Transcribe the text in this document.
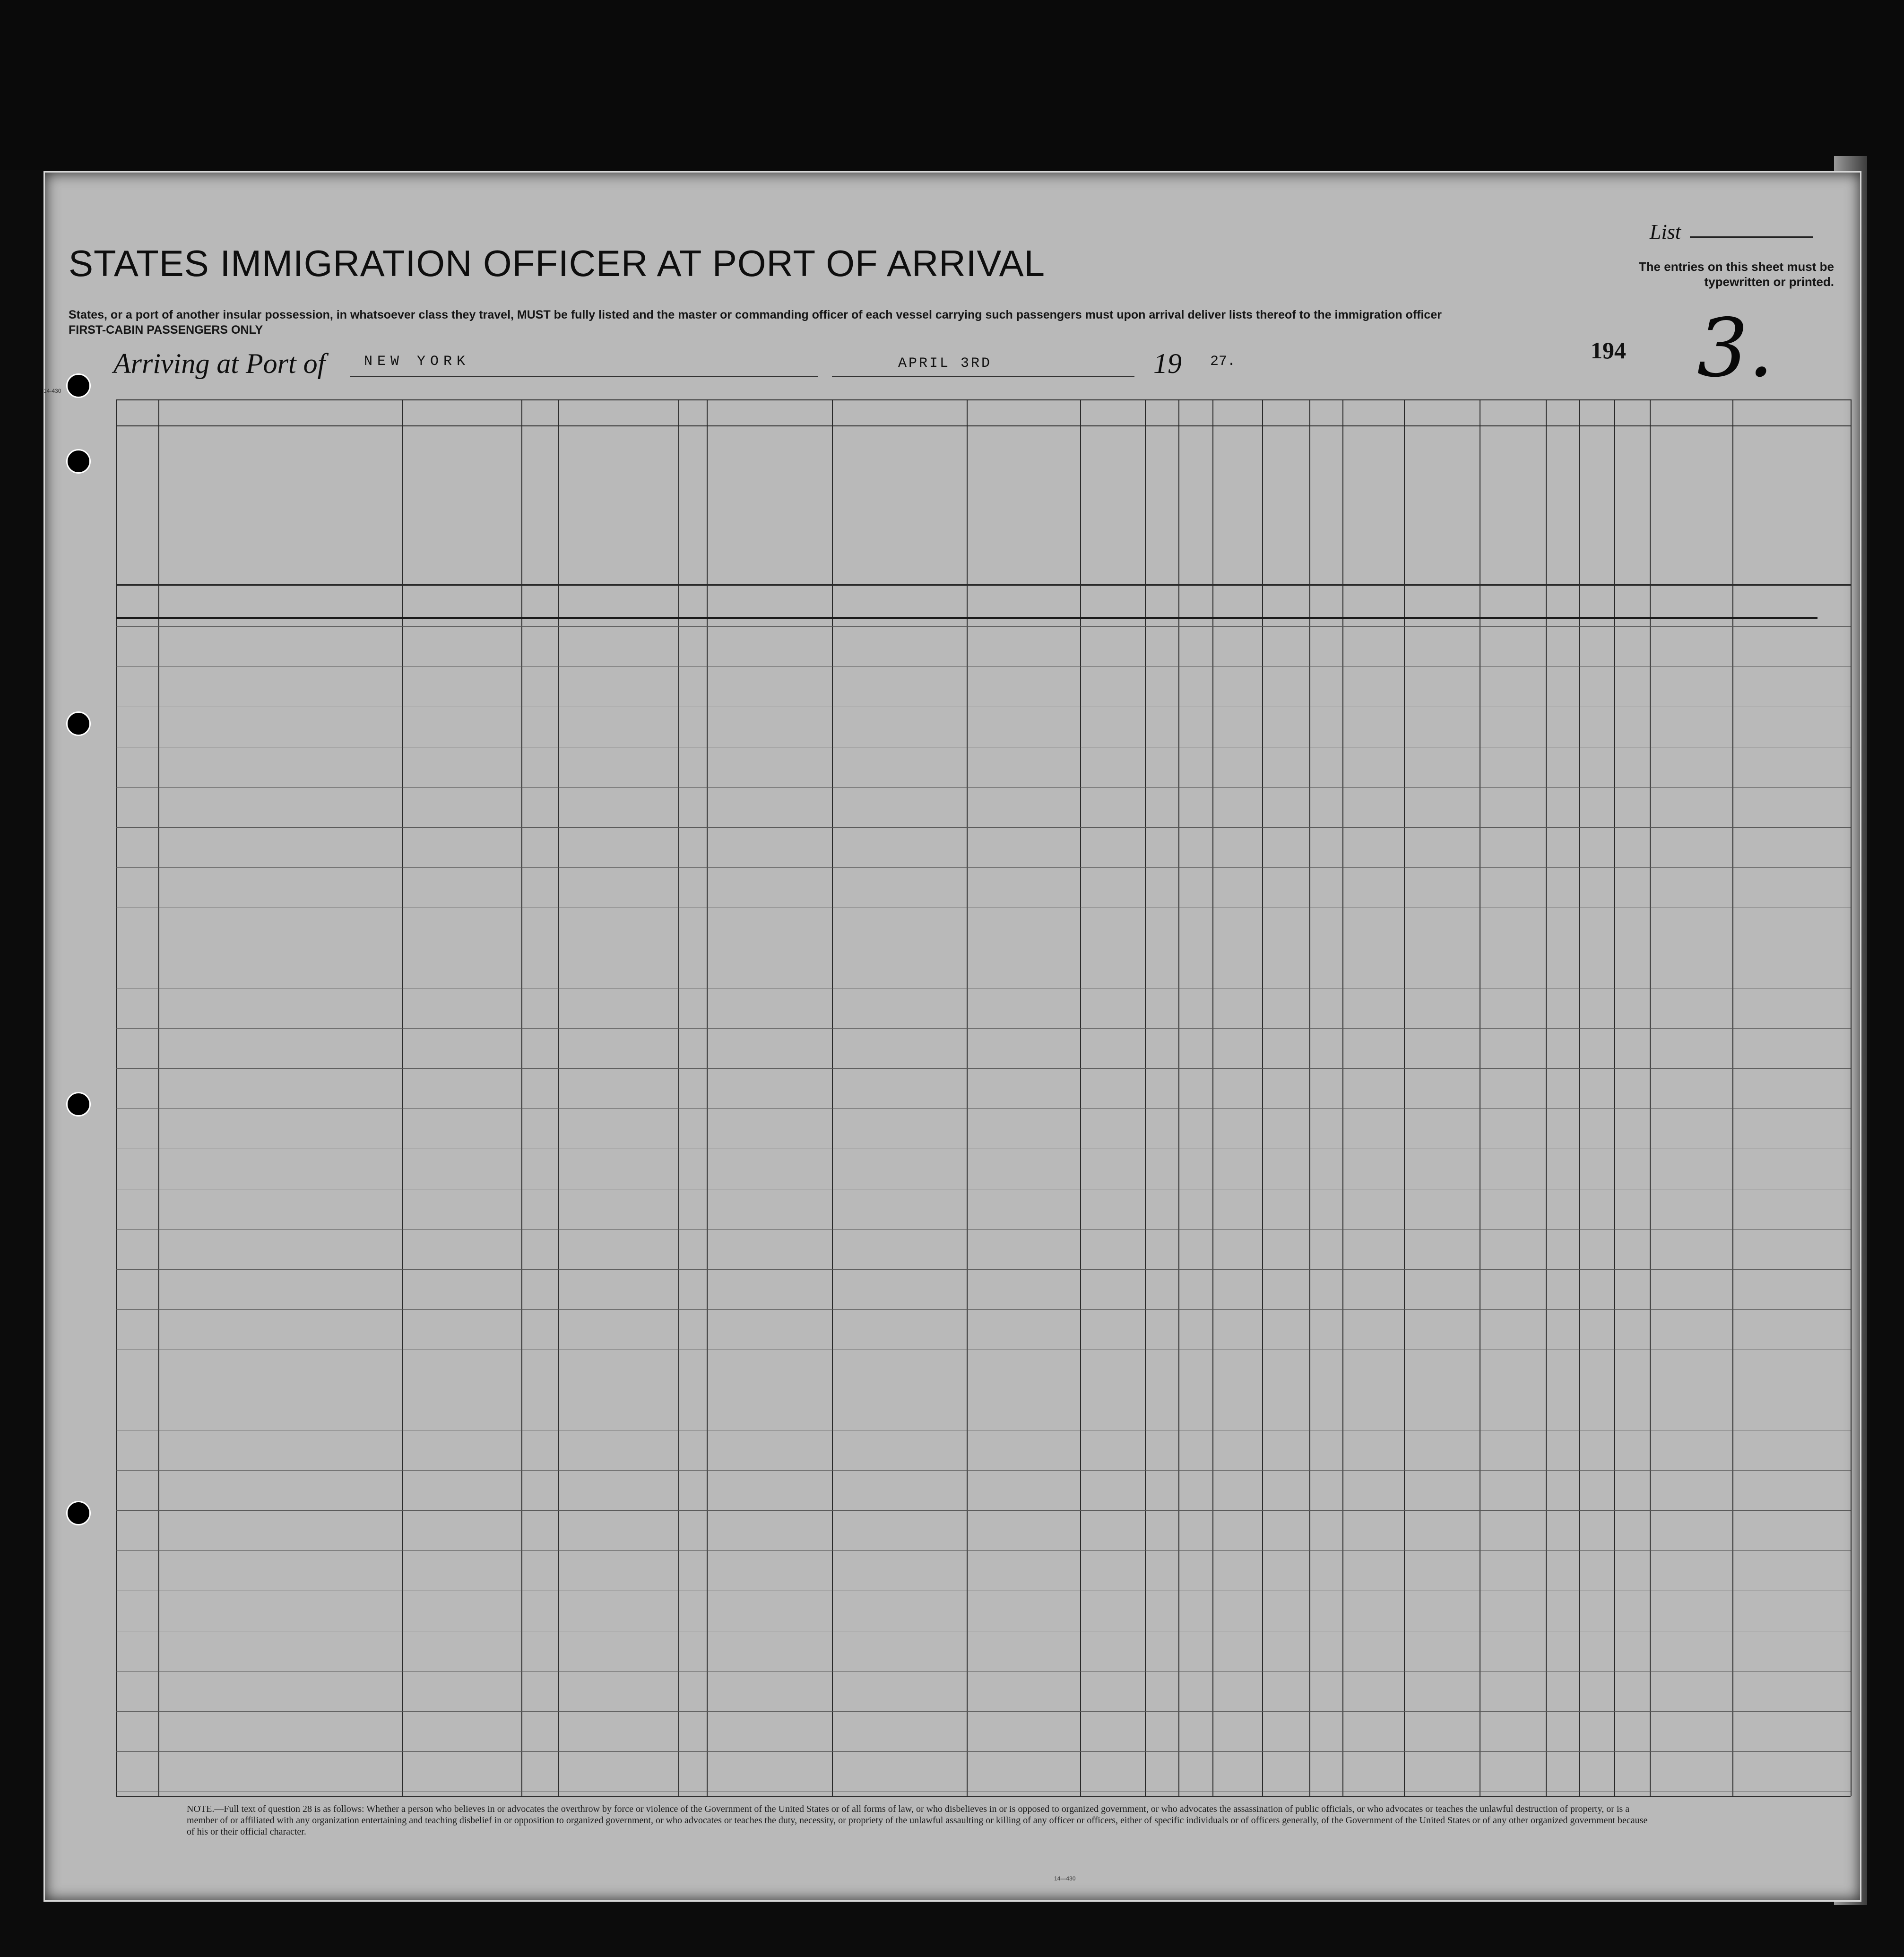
STATES IMMIGRATION OFFICER AT PORT OF ARRIVAL
States, or a port of another insular possession, in whatsoever class they travel, MUST be fully listed and the master or commanding officer of each vessel carrying such passengers must upon arrival deliver lists thereof to the immigration officer
FIRST-CABIN PASSENGERS ONLY
List
The entries on this sheet must be typewritten or printed.
Arriving at Port of	NEW YORK	APRIL 3RD	19 27.	194 3.
14-430
NOTE.—Full text of question 28 is as follows: Whether a person who believes in or advocates the overthrow by force or violence of the Government of the United States or of all forms of law, or who disbelieves in or is opposed to organized government, or who advocates the assassination of public officials, or who advocates or teaches the unlawful destruction of property, or is a member of or affiliated with any organization entertaining and teaching disbelief in or opposition to organized government, or who advocates or teaches the duty, necessity, or propriety of the unlawful assaulting or killing of any officer or officers, either of specific individuals or of officers generally, of the Government of the United States or of any other organized government because of his or their official character.
14—430
